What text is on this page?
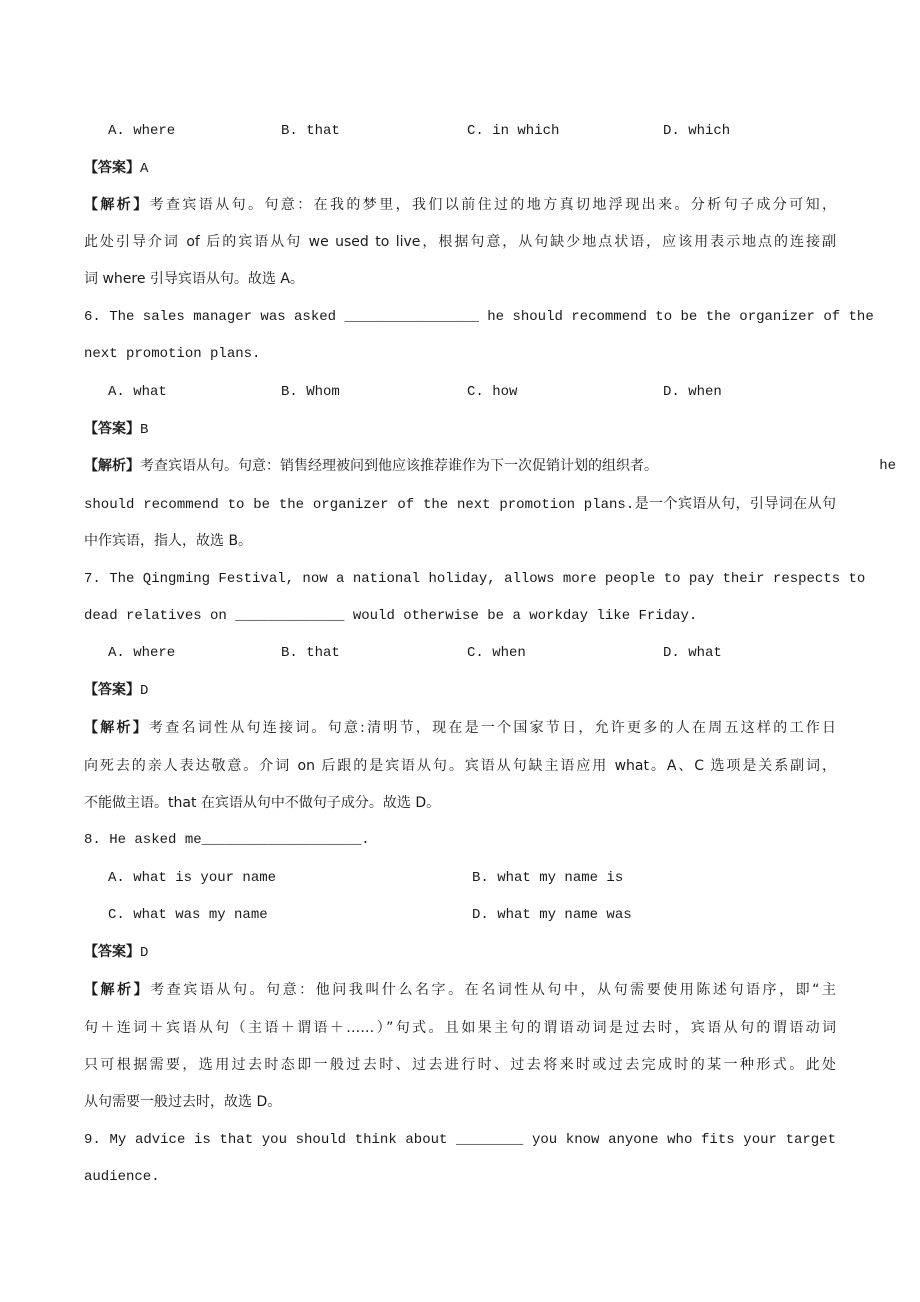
A. where	B. that	C. in which	D. which
【答案】A
【解析】考查宾语从句。句意：在我的梦里，我们以前住过的地方真切地浮现出来。分析句子成分可知，
此处引导介词 of 后的宾语从句 we used to live，根据句意，从句缺少地点状语，应该用表示地点的连接副
词 where 引导宾语从句。故选 A。
6. The sales manager was asked ________________ he should recommend to be the organizer of the
next promotion plans.
A. what	B. Whom	C. how	D. when
【答案】B
【解析】考查宾语从句。句意：销售经理被问到他应该推荐谁作为下一次促销计划的组织者。	he
should recommend to be the organizer of the next promotion plans.是一个宾语从句，引导词在从句
中作宾语，指人，故选 B。
7. The Qingming Festival, now a national holiday, allows more people to pay their respects to
dead relatives on _____________ would otherwise be a workday like Friday.
A. where	B. that	C. when	D. what
【答案】D
【解析】考查名词性从句连接词。句意:清明节，现在是一个国家节日，允许更多的人在周五这样的工作日
向死去的亲人表达敬意。介词 on 后跟的是宾语从句。宾语从句缺主语应用 what。A、C 选项是关系副词，
不能做主语。that 在宾语从句中不做句子成分。故选 D。
8. He asked me___________________.
A. what is your name	B. what my name is
C. what was my name	D. what my name was
【答案】D
【解析】考查宾语从句。句意：他问我叫什么名字。在名词性从句中，从句需要使用陈述句语序，即“主
句＋连词＋宾语从句（主语＋谓语＋……）”句式。且如果主句的谓语动词是过去时，宾语从句的谓语动词
只可根据需要，选用过去时态即一般过去时、过去进行时、过去将来时或过去完成时的某一种形式。此处
从句需要一般过去时，故选 D。
9. My advice is that you should think about ________ you know anyone who fits your target
audience.
